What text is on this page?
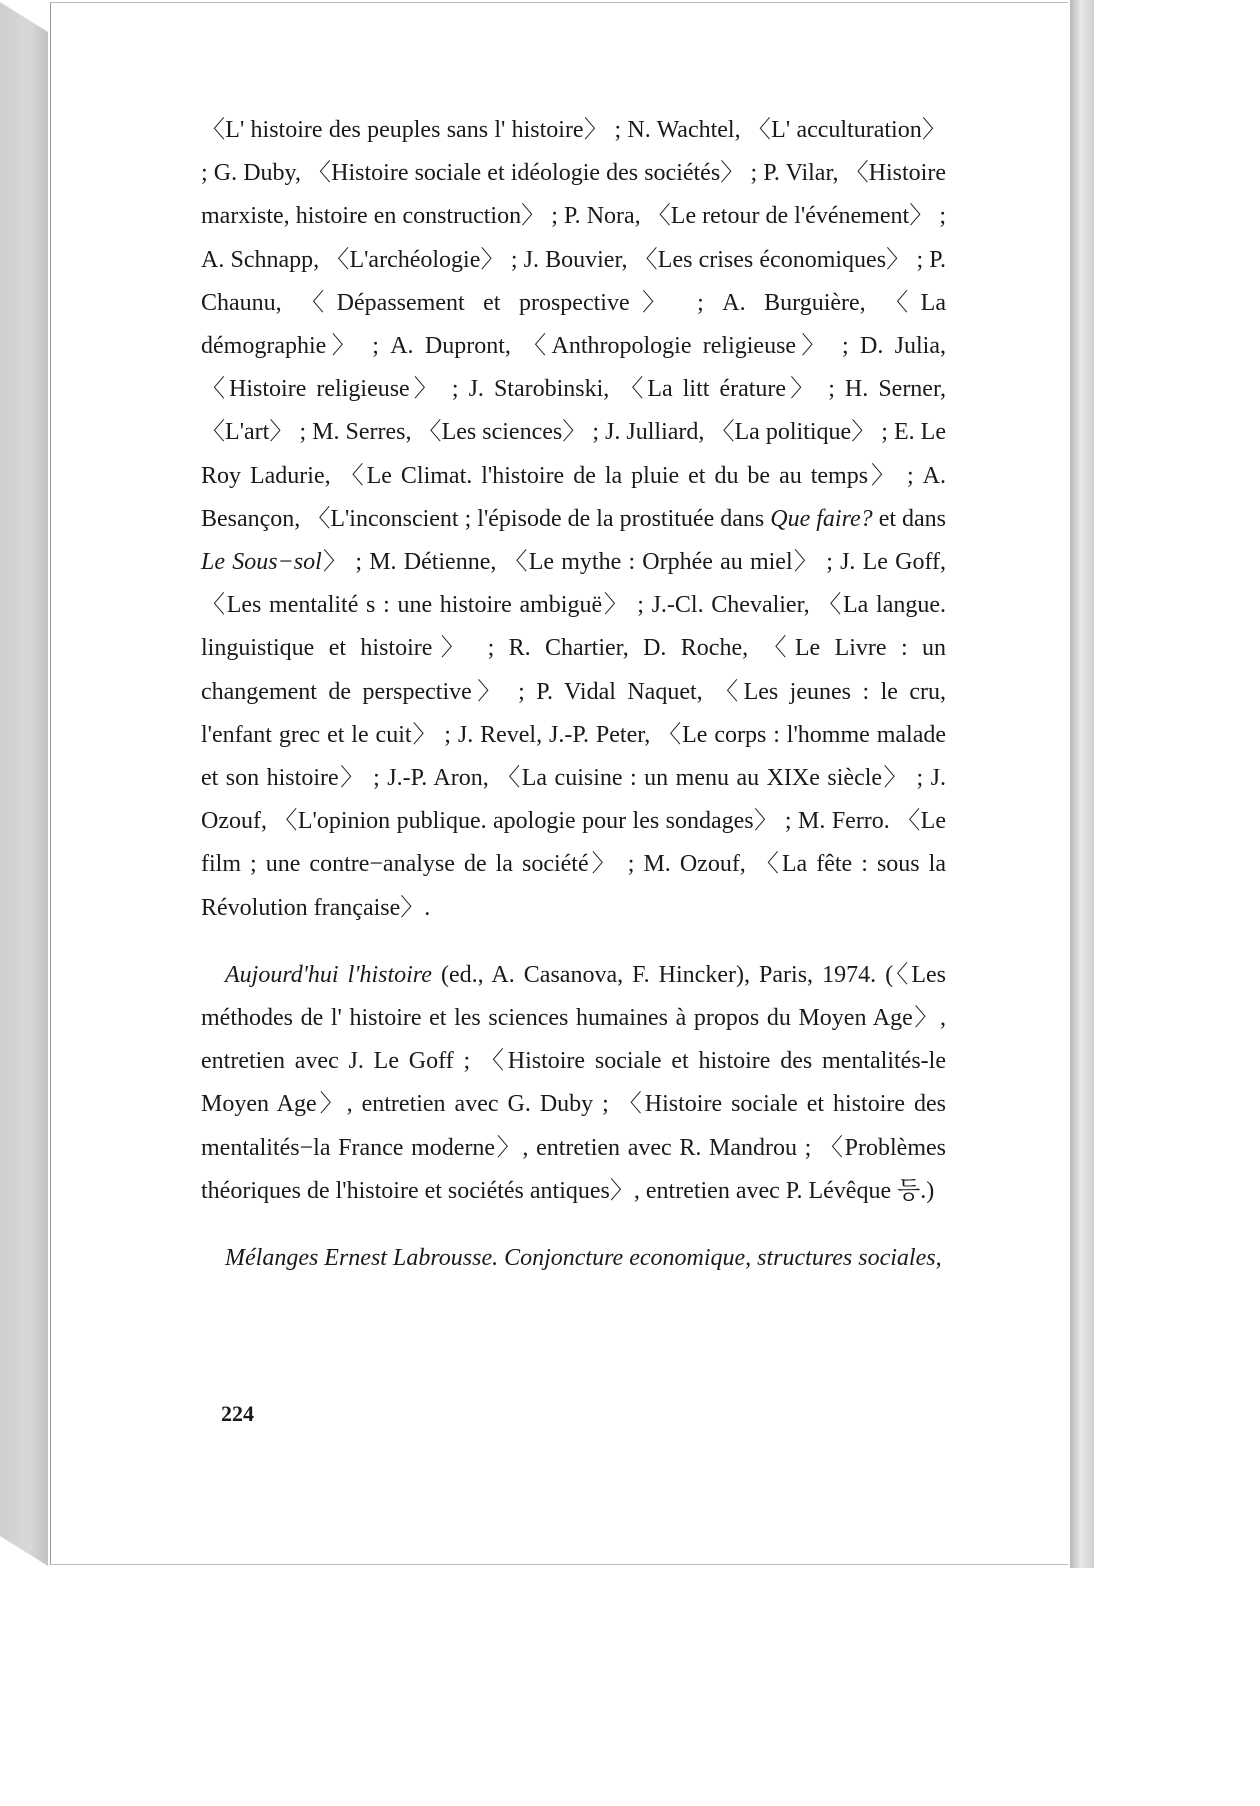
〈L' histoire des peuples sans l' histoire〉 ; N. Wachtel, 〈L' acculturation〉 ; G. Duby, 〈Histoire sociale et idéologie des sociétés〉 ; P. Vilar, 〈Histoire marxiste, histoire en construction〉 ; P. Nora, 〈Le retour de l'événement〉 ; A. Schnapp, 〈L'archéologie〉 ; J. Bouvier, 〈Les crises économiques〉 ; P. Chaunu, 〈Dépassement et prospective〉 ; A. Burguière, 〈La démographie〉 ; A. Dupront, 〈Anthropologie religieuse〉 ; D. Julia, 〈Histoire religieuse〉 ; J. Starobinski, 〈La litt érature〉 ; H. Serner, 〈L'art〉 ; M. Serres, 〈Les sciences〉 ; J. Julliard, 〈La politique〉 ; E. Le Roy Ladurie, 〈Le Climat. l'histoire de la pluie et du be au temps〉 ; A. Besançon, 〈L'inconscient ; l'épisode de la prostituée dans Que faire? et dans Le Sous−sol〉 ; M. Détienne, 〈Le mythe : Orphée au miel〉 ; J. Le Goff, 〈Les mentalité s : une histoire ambiguë〉 ; J.-Cl. Chevalier, 〈La langue. linguistique et histoire〉 ; R. Chartier, D. Roche, 〈Le Livre : un changement de perspective〉 ; P. Vidal Naquet, 〈Les jeunes : le cru, l'enfant grec et le cuit〉 ; J. Revel, J.-P. Peter, 〈Le corps : l'homme malade et son histoire〉 ; J.-P. Aron, 〈La cuisine : un menu au XIXe siècle〉 ; J. Ozouf, 〈L'opinion publique. apologie pour les sondages〉 ; M. Ferro. 〈Le film ; une contre−analyse de la société〉 ; M. Ozouf, 〈La fête : sous la Révolution française〉.

Aujourd'hui l'histoire (ed., A. Casanova, F. Hincker), Paris, 1974. (〈Les méthodes de l' histoire et les sciences humaines à propos du Moyen Age〉, entretien avec J. Le Goff ; 〈Histoire sociale et histoire des mentalités-le Moyen Age〉, entretien avec G. Duby ; 〈Histoire sociale et histoire des mentalités−la France moderne〉, entretien avec R. Mandrou ; 〈Problèmes théoriques de l'histoire et sociétés antiques〉, entretien avec P. Lévêque 등.)

Mélanges Ernest Labrousse. Conjoncture economique, structures sociales,

224
